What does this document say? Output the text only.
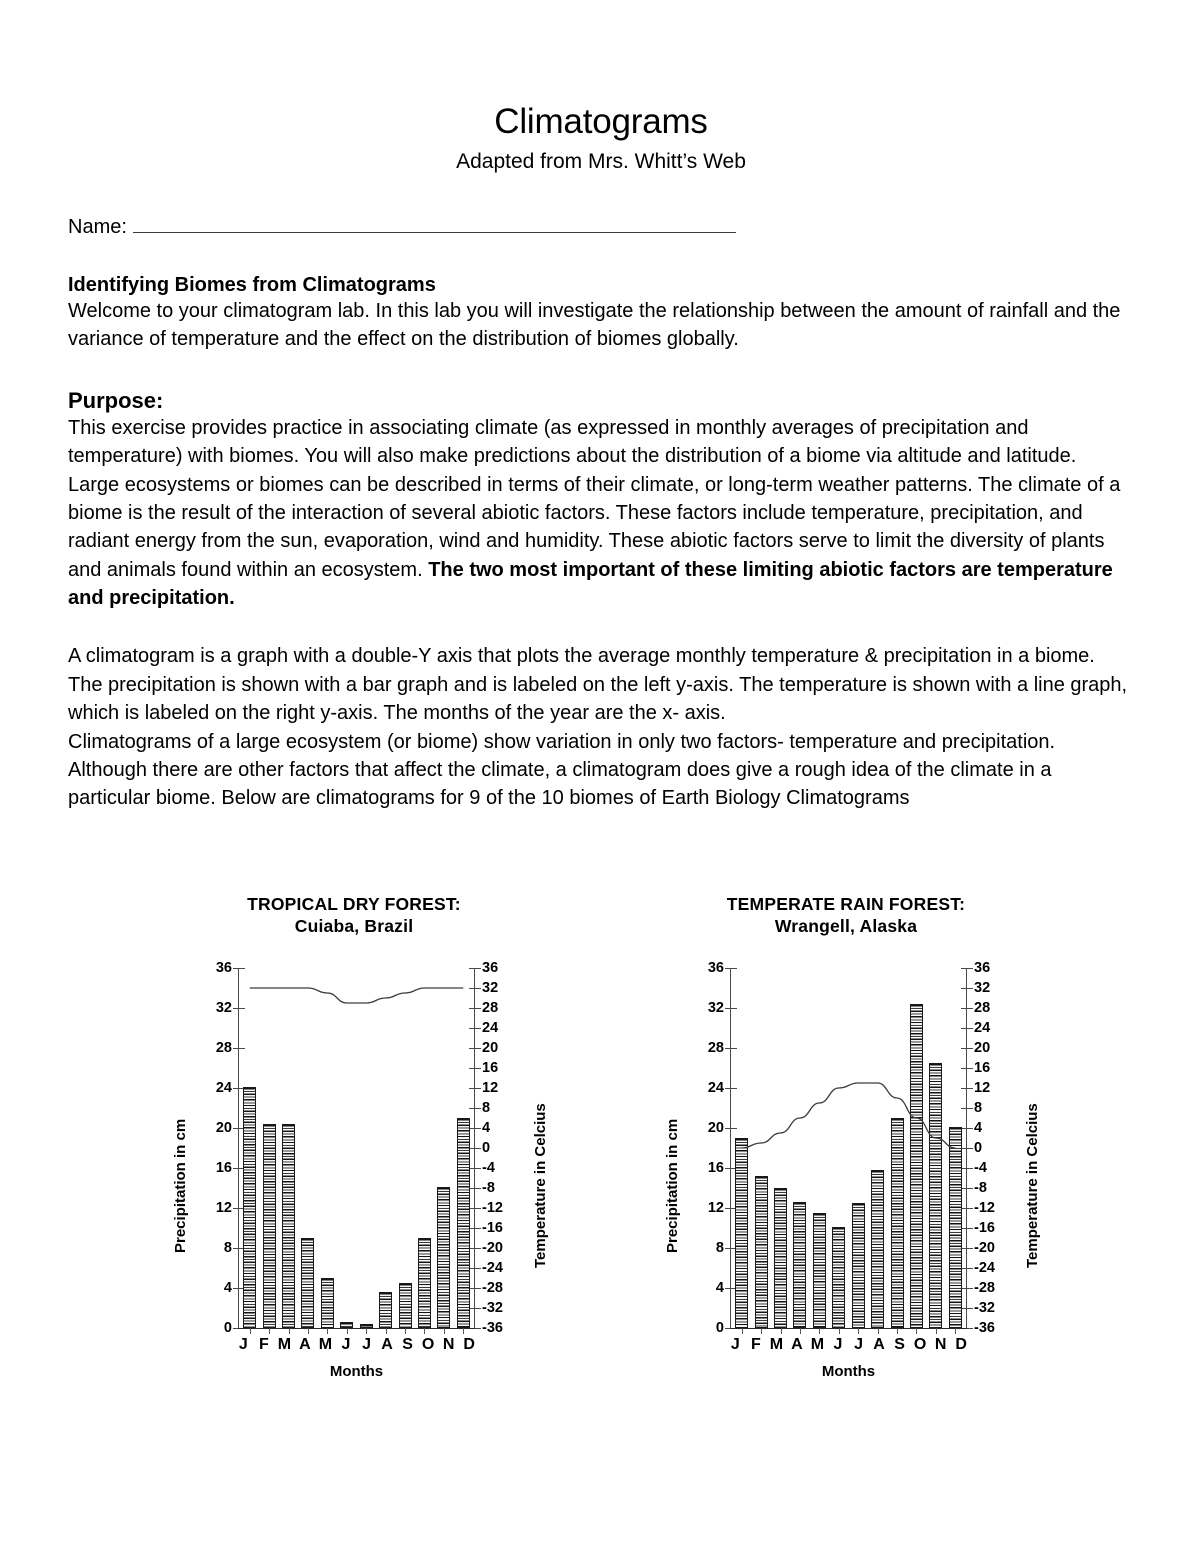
Climatograms
Adapted from Mrs. Whitt’s Web
Name:
Identifying Biomes from Climatograms

Welcome to your climatogram lab. In this lab you will investigate the relationship between the amount of rainfall and the variance of temperature and the effect on the distribution of biomes globally.

Purpose:

This exercise provides practice in associating climate (as expressed in monthly averages of precipitation and temperature) with biomes. You will also make predictions about the distribution of a biome via altitude and latitude.

Large ecosystems or biomes can be described in terms of their climate, or long-term weather patterns. The climate of a biome is the result of the interaction of several abiotic factors. These factors include temperature, precipitation, and radiant energy from the sun, evaporation, wind and humidity. These abiotic factors serve to limit the diversity of plants and animals found within an ecosystem. The two most important of these limiting abiotic factors are temperature and precipitation.

A climatogram is a graph with a double-Y axis that plots the average monthly temperature & precipitation in a biome. The precipitation is shown with a bar graph and is labeled on the left y-axis. The temperature is shown with a line graph, which is labeled on the right y-axis. The months of the year are the x- axis.

Climatograms of a large ecosystem (or biome) show variation in only two factors- temperature and precipitation. Although there are other factors that affect the climate, a climatogram does give a rough idea of the climate in a particular biome. Below are climatograms for 9 of the 10 biomes of Earth Biology Climatograms

TROPICAL DRY FOREST:
Cuiaba, Brazil
Precipitation in cm	Temperature in Celcius
0
4
8
12
16
20
24
28
32
36	36
32
28
24
20
16
12
8
4
0
-4
-8
-12
-16
-20
-24
-28
-32
-36
J F M A M J J A S O N D
Months
TEMPERATE RAIN FOREST:
Wrangell, Alaska
Precipitation in cm	Temperature in Celcius
0
4
8
12
16
20
24
28
32
36	36
32
28
24
20
16
12
8
4
0
-4
-8
-12
-16
-20
-24
-28
-32
-36
J F M A M J J A S O N D
Months
